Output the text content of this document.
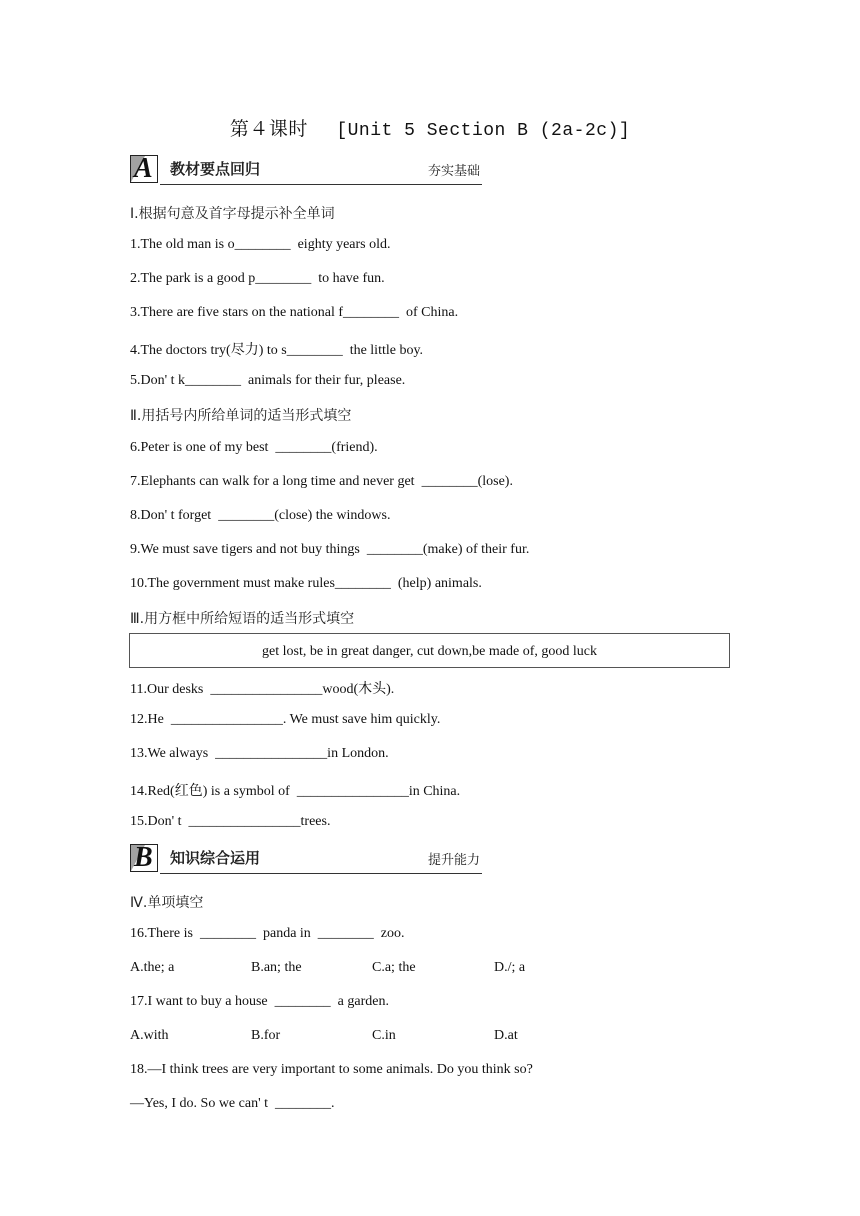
第４课时 [Unit 5 Section B (2a-2c)]
A 教材要点回归	夯实基础
Ⅰ.根据句意及首字母提示补全单词
1.The old man is o________  eighty years old.
2.The park is a good p________  to have fun.
3.There are five stars on the national f________  of China.
4.The doctors try(尽力) to s________  the little boy.
5.Don' t k________  animals for their fur, please.
Ⅱ.用括号内所给单词的适当形式填空
6.Peter is one of my best  ________(friend).
7.Elephants can walk for a long time and never get  ________(lose).
8.Don' t forget  ________(close) the windows.
9.We must save tigers and not buy things  ________(make) of their fur.
10.The government must make rules________  (help) animals.
Ⅲ.用方框中所给短语的适当形式填空
get lost, be in great danger, cut down,be made of, good luck
11.Our desks  ________________wood(木头).
12.He  ________________. We must save him quickly.
13.We always  ________________in London.
14.Red(红色) is a symbol of  ________________in China.
15.Don' t  ________________trees.
B 知识综合运用	提升能力
Ⅳ.单项填空
16.There is  ________  panda in  ________  zoo.
A.the; a	B.an; the	C.a; the	D./; a
17.I want to buy a house  ________  a garden.
A.with	B.for	C.in	D.at
18.—I think trees are very important to some animals. Do you think so?
—Yes, I do. So we can' t  ________.
